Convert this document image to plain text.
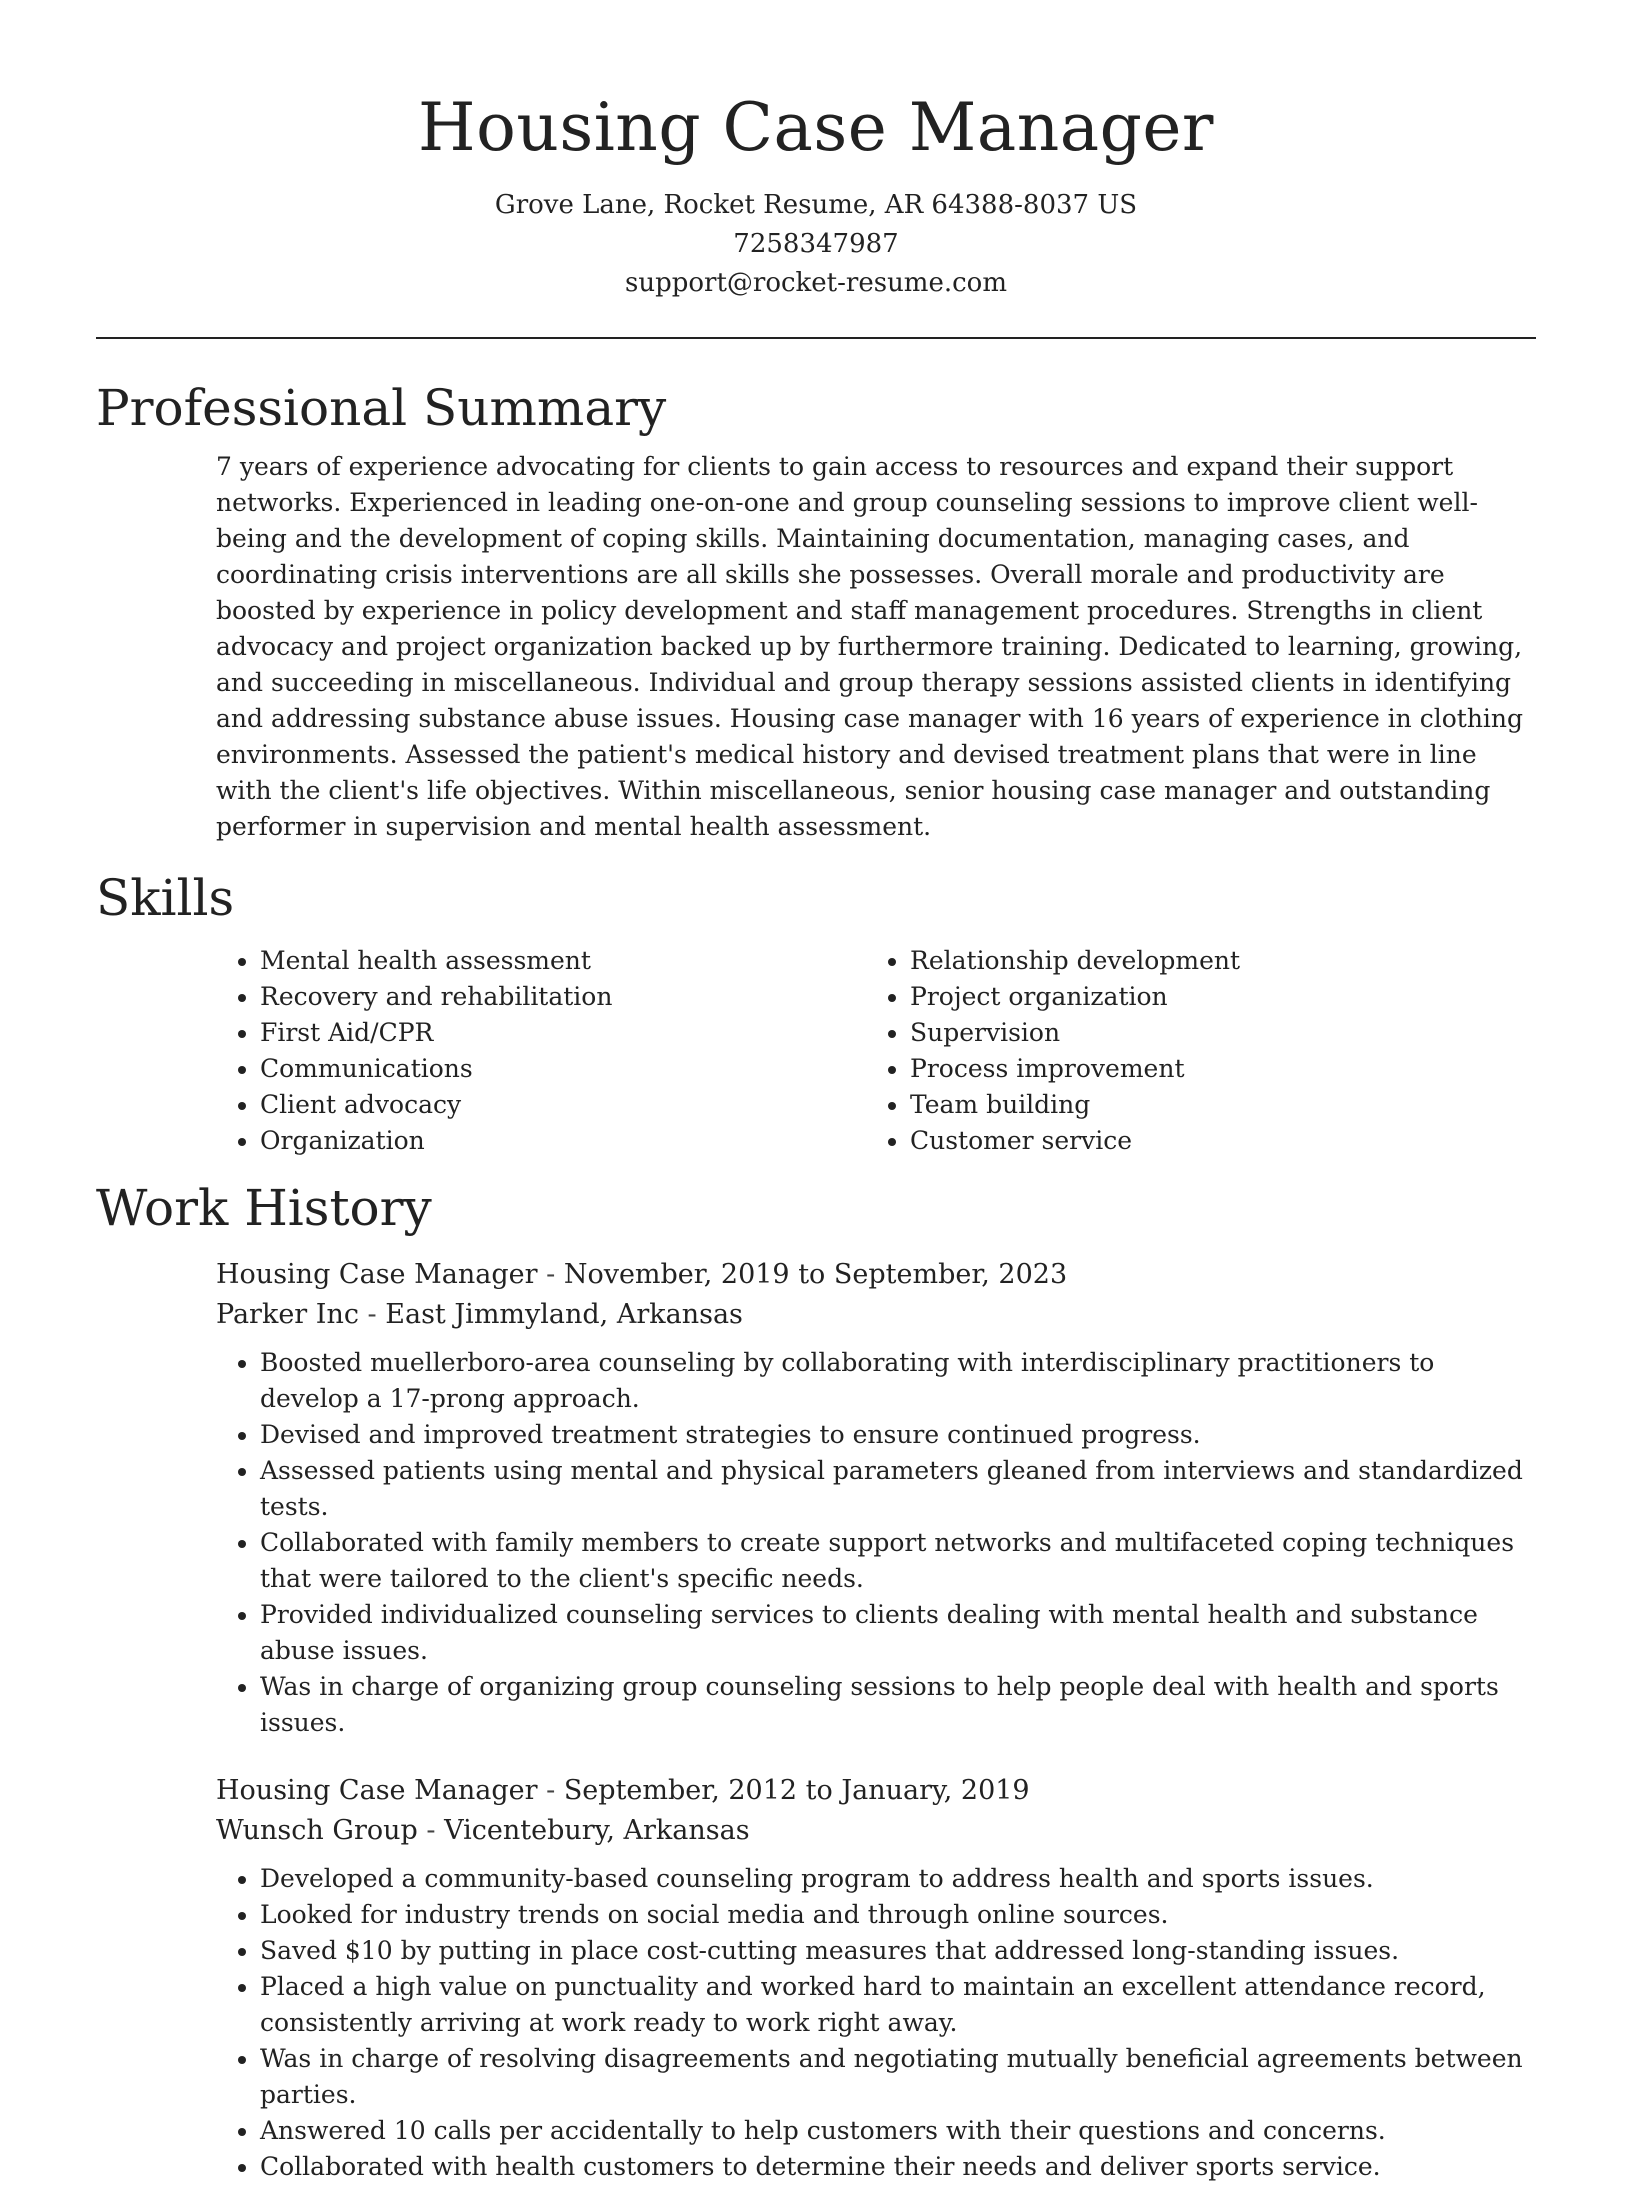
Housing Case Manager
Grove Lane, Rocket Resume, AR 64388-8037 US
7258347987
support@rocket-resume.com
Professional Summary

7 years of experience advocating for clients to gain access to resources and expand their support networks. Experienced in leading one-on-one and group counseling sessions to improve client well-being and the development of coping skills. Maintaining documentation, managing cases, and coordinating crisis interventions are all skills she possesses. Overall morale and productivity are boosted by experience in policy development and staff management procedures. Strengths in client advocacy and project organization backed up by furthermore training. Dedicated to learning, growing, and succeeding in miscellaneous. Individual and group therapy sessions assisted clients in identifying and addressing substance abuse issues. Housing case manager with 16 years of experience in clothing environments. Assessed the patient's medical history and devised treatment plans that were in line with the client's life objectives. Within miscellaneous, senior housing case manager and outstanding performer in supervision and mental health assessment.

Skills
• Mental health assessment
• Recovery and rehabilitation
• First Aid/CPR
• Communications
• Client advocacy
• Organization
• Relationship development
• Project organization
• Supervision
• Process improvement
• Team building
• Customer service
Work History
Housing Case Manager - November, 2019 to September, 2023
Parker Inc - East Jimmyland, Arkansas
• Boosted muellerboro-area counseling by collaborating with interdisciplinary practitioners to develop a 17-prong approach.
• Devised and improved treatment strategies to ensure continued progress.
• Assessed patients using mental and physical parameters gleaned from interviews and standardized tests.
• Collaborated with family members to create support networks and multifaceted coping techniques that were tailored to the client's specific needs.
• Provided individualized counseling services to clients dealing with mental health and substance abuse issues.
• Was in charge of organizing group counseling sessions to help people deal with health and sports issues.
Housing Case Manager - September, 2012 to January, 2019
Wunsch Group - Vicentebury, Arkansas
• Developed a community-based counseling program to address health and sports issues.
• Looked for industry trends on social media and through online sources.
• Saved $10 by putting in place cost-cutting measures that addressed long-standing issues.
• Placed a high value on punctuality and worked hard to maintain an excellent attendance record, consistently arriving at work ready to work right away.
• Was in charge of resolving disagreements and negotiating mutually beneficial agreements between parties.
• Answered 10 calls per accidentally to help customers with their questions and concerns.
• Collaborated with health customers to determine their needs and deliver sports service.
